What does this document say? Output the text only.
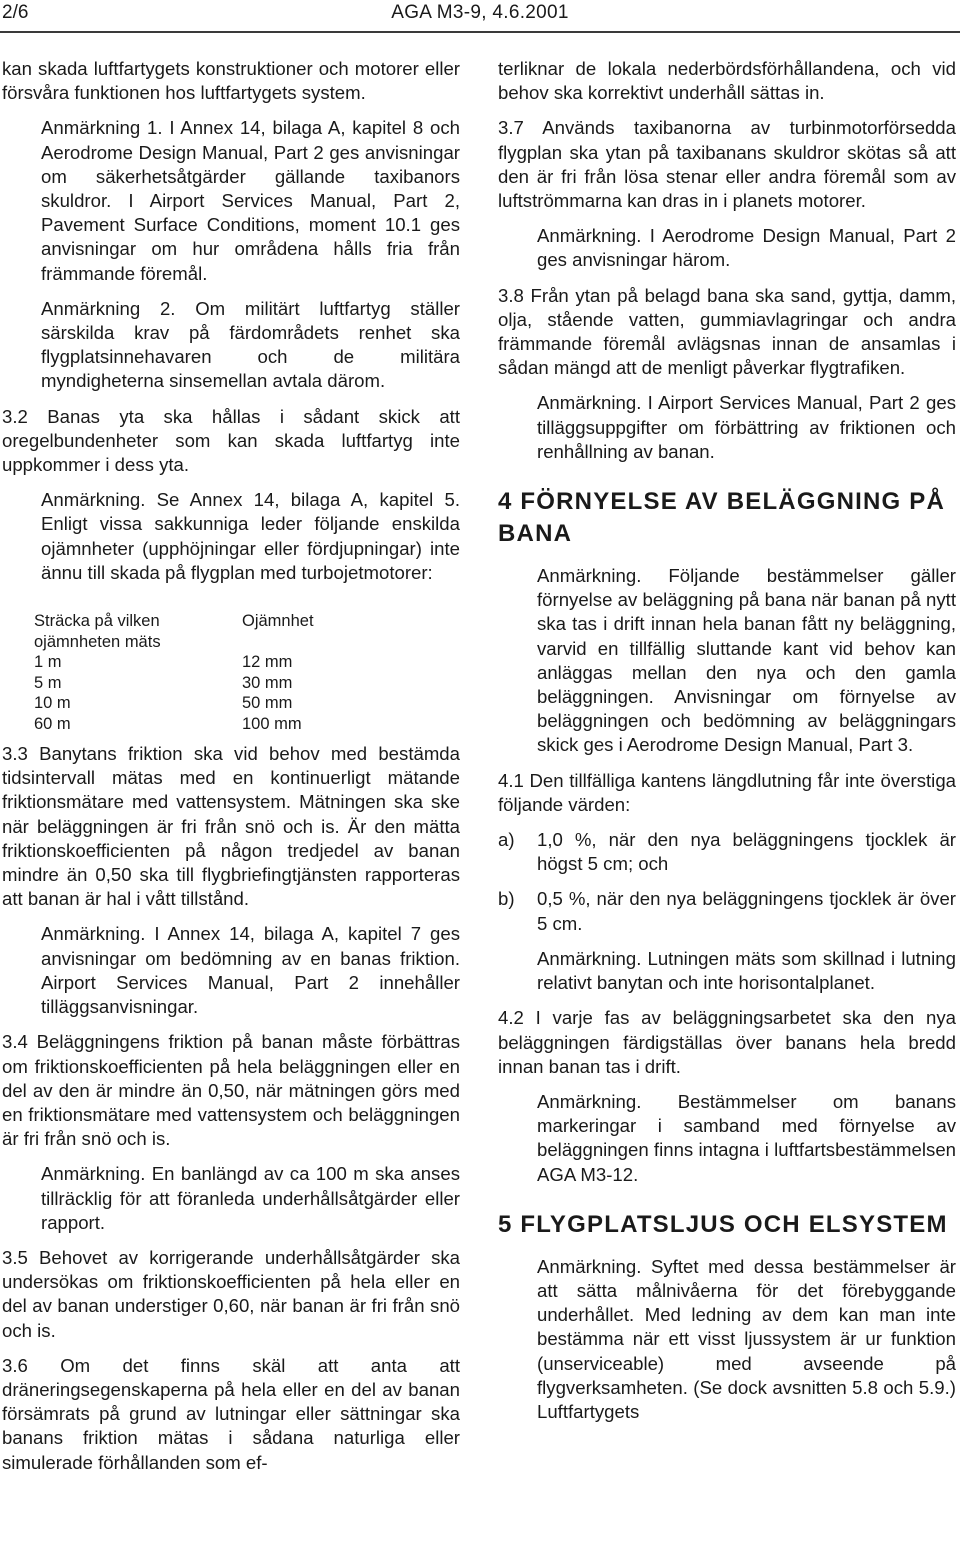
2/6	AGA M3-9, 4.6.2001

kan skada luftfartygets konstruktioner och motorer eller försvåra funktionen hos luftfartygets system.

Anmärkning 1. I Annex 14, bilaga A, kapitel 8 och Aerodrome Design Manual, Part 2 ges anvisningar om säkerhetsåtgärder gällande taxibanors skuldror. I Airport Services Manual, Part 2, Pavement Surface Conditions, moment 10.1 ges anvisningar om hur områdena hålls fria från främmande föremål.

Anmärkning 2. Om militärt luftfartyg ställer särskilda krav på färdområdets renhet ska flygplatsinnehavaren och de militära myndigheterna sinsemellan avtala därom.

3.2 Banas yta ska hållas i sådant skick att oregelbundenheter som kan skada luftfartyg inte uppkommer i dess yta.

Anmärkning. Se Annex 14, bilaga A, kapitel 5. Enligt vissa sakkunniga leder följande enskilda ojämnheter (upphöjningar eller fördjupningar) inte ännu till skada på flygplan med turbojetmotorer:

Sträcka på vilken ojämnheten mäts	Ojämnhet
1 m	12 mm
5 m	30 mm
10 m	50 mm
60 m	100 mm

3.3 Banytans friktion ska vid behov med bestämda tidsintervall mätas med en kontinuerligt mätande friktionsmätare med vattensystem. Mätningen ska ske när beläggningen är fri från snö och is. Är den mätta friktionskoefficienten på någon tredjedel av banan mindre än 0,50 ska till flygbriefingtjänsten rapporteras att banan är hal i vått tillstånd.

Anmärkning. I Annex 14, bilaga A, kapitel 7 ges anvisningar om bedömning av en banas friktion. Airport Services Manual, Part 2 innehåller tilläggsanvisningar.

3.4 Beläggningens friktion på banan måste förbättras om friktionskoefficienten på hela beläggningen eller en del av den är mindre än 0,50, när mätningen görs med en friktionsmätare med vattensystem och beläggningen är fri från snö och is.

Anmärkning. En banlängd av ca 100 m ska anses tillräcklig för att föranleda underhållsåtgärder eller rapport.

3.5 Behovet av korrigerande underhållsåtgärder ska undersökas om friktionskoefficienten på hela eller en del av banan understiger 0,60, när banan är fri från snö och is.

3.6 Om det finns skäl att anta att dräneringsegenskaperna på hela eller en del av banan försämrats på grund av lutningar eller sättningar ska banans friktion mätas i sådana naturliga eller simulerade förhållanden som ef-

terliknar de lokala nederbördsförhållandena, och vid behov ska korrektivt underhåll sättas in.

3.7 Används taxibanorna av turbinmotorförsedda flygplan ska ytan på taxibanans skuldror skötas så att den är fri från lösa stenar eller andra föremål som av luftströmmarna kan dras in i planets motorer.

Anmärkning. I Aerodrome Design Manual, Part 2 ges anvisningar härom.

3.8 Från ytan på belagd bana ska sand, gyttja, damm, olja, stående vatten, gummiavlagringar och andra främmande föremål avlägsnas innan de ansamlas i sådan mängd att de menligt påverkar flygtrafiken.

Anmärkning. I Airport Services Manual, Part 2 ges tilläggsuppgifter om förbättring av friktionen och renhållning av banan.

4 FÖRNYELSE AV BELÄGGNING PÅ BANA

Anmärkning. Följande bestämmelser gäller förnyelse av beläggning på bana när banan på nytt ska tas i drift innan hela banan fått ny beläggning, varvid en tillfällig sluttande kant vid behov kan anläggas mellan den nya och den gamla beläggningen. Anvisningar om förnyelse av beläggningen och bedömning av beläggningars skick ges i Aerodrome Design Manual, Part 3.

4.1 Den tillfälliga kantens längdlutning får inte överstiga följande värden:

a)	1,0 %, när den nya beläggningens tjocklek är högst 5 cm; och
b)	0,5 %, när den nya beläggningens tjocklek är över 5 cm.

Anmärkning. Lutningen mäts som skillnad i lutning relativt banytan och inte horisontalplanet.

4.2 I varje fas av beläggningsarbetet ska den nya beläggningen färdigställas över banans hela bredd innan banan tas i drift.

Anmärkning. Bestämmelser om banans markeringar i samband med förnyelse av beläggningen finns intagna i luftfartsbestämmelsen AGA M3-12.

5 FLYGPLATSLJUS OCH ELSYSTEM

Anmärkning. Syftet med dessa bestämmelser är att sätta målnivåerna för det förebyggande underhållet. Med ledning av dem kan man inte bestämma när ett visst ljussystem är ur funktion (unserviceable) med avseende på flygverksamheten. (Se dock avsnitten 5.8 och 5.9.) Luftfartygets
